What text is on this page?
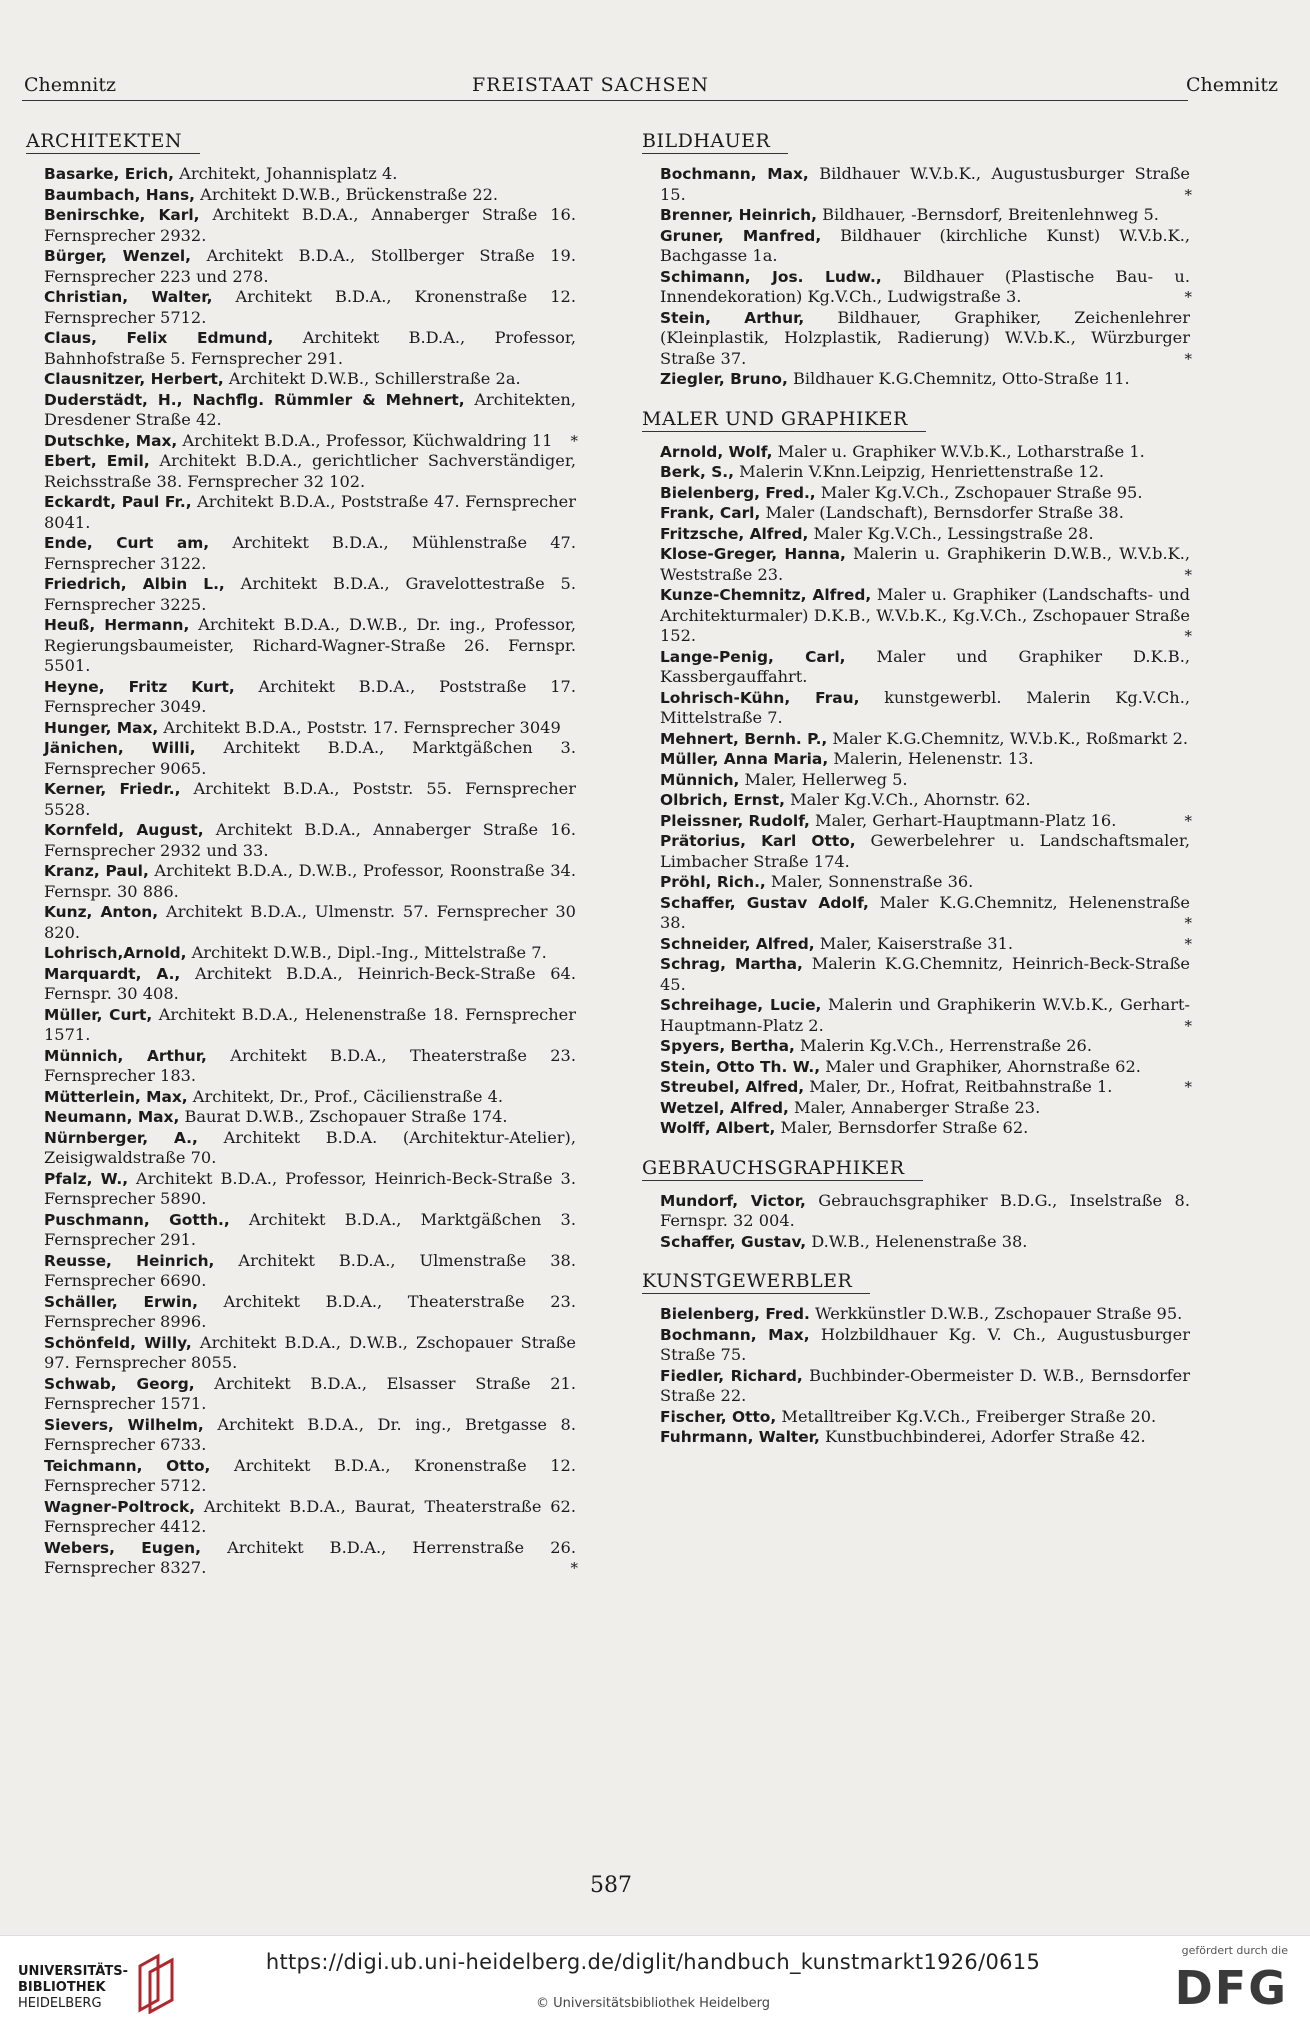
Chemnitz	FREISTAAT SACHSEN	Chemnitz
ARCHITEKTEN

Basarke, Erich, Architekt, Johannisplatz 4.

Baumbach, Hans, Architekt D.W.B., Brückenstraße 22.

Benirschke, Karl, Architekt B.D.A., Annaberger Straße 16. Fernsprecher 2932.

Bürger, Wenzel, Architekt B.D.A., Stollberger Straße 19. Fernsprecher 223 und 278.

Christian, Walter, Architekt B.D.A., Kronenstraße 12. Fernsprecher 5712.

Claus, Felix Edmund, Architekt B.D.A., Professor, Bahnhofstraße 5. Fernsprecher 291.

Clausnitzer, Herbert, Architekt D.W.B., Schillerstraße 2a.

Duderstädt, H., Nachflg. Rümmler & Mehnert, Architekten, Dresdener Straße 42.

Dutschke, Max, Architekt B.D.A., Professor, Küchwaldring 11 *

Ebert, Emil, Architekt B.D.A., gerichtlicher Sachverständiger, Reichsstraße 38. Fernsprecher 32 102.

Eckardt, Paul Fr., Architekt B.D.A., Poststraße 47. Fernsprecher 8041.

Ende, Curt am, Architekt B.D.A., Mühlenstraße 47. Fernsprecher 3122.

Friedrich, Albin L., Architekt B.D.A., Gravelottestraße 5. Fernsprecher 3225.

Heuß, Hermann, Architekt B.D.A., D.W.B., Dr. ing., Professor, Regierungsbaumeister, Richard-Wagner-Straße 26. Fernspr. 5501.

Heyne, Fritz Kurt, Architekt B.D.A., Poststraße 17. Fernsprecher 3049.

Hunger, Max, Architekt B.D.A., Poststr. 17. Fernsprecher 3049

Jänichen, Willi, Architekt B.D.A., Marktgäßchen 3. Fernsprecher 9065.

Kerner, Friedr., Architekt B.D.A., Poststr. 55. Fernsprecher 5528.

Kornfeld, August, Architekt B.D.A., Annaberger Straße 16. Fernsprecher 2932 und 33.

Kranz, Paul, Architekt B.D.A., D.W.B., Professor, Roonstraße 34. Fernspr. 30 886.

Kunz, Anton, Architekt B.D.A., Ulmenstr. 57. Fernsprecher 30 820.

Lohrisch,Arnold, Architekt D.W.B., Dipl.-Ing., Mittelstraße 7.

Marquardt, A., Architekt B.D.A., Heinrich-Beck-Straße 64. Fernspr. 30 408.

Müller, Curt, Architekt B.D.A., Helenenstraße 18. Fernsprecher 1571.

Münnich, Arthur, Architekt B.D.A., Theaterstraße 23. Fernsprecher 183.

Mütterlein, Max, Architekt, Dr., Prof., Cäcilienstraße 4.

Neumann, Max, Baurat D.W.B., Zschopauer Straße 174.

Nürnberger, A., Architekt B.D.A. (Architektur-Atelier), Zeisigwaldstraße 70.

Pfalz, W., Architekt B.D.A., Professor, Heinrich-Beck-Straße 3. Fernsprecher 5890.

Puschmann, Gotth., Architekt B.D.A., Marktgäßchen 3. Fernsprecher 291.

Reusse, Heinrich, Architekt B.D.A., Ulmenstraße 38. Fernsprecher 6690.

Schäller, Erwin, Architekt B.D.A., Theaterstraße 23. Fernsprecher 8996.

Schönfeld, Willy, Architekt B.D.A., D.W.B., Zschopauer Straße 97. Fernsprecher 8055.

Schwab, Georg, Architekt B.D.A., Elsasser Straße 21. Fernsprecher 1571.

Sievers, Wilhelm, Architekt B.D.A., Dr. ing., Bretgasse 8. Fernsprecher 6733.

Teichmann, Otto, Architekt B.D.A., Kronenstraße 12. Fernsprecher 5712.

Wagner-Poltrock, Architekt B.D.A., Baurat, Theaterstraße 62. Fernsprecher 4412.

Webers, Eugen, Architekt B.D.A., Herrenstraße 26. Fernsprecher 8327.	*

BILDHAUER

Bochmann, Max, Bildhauer W.V.b.K., Augustusburger Straße 15.	*

Brenner, Heinrich, Bildhauer, -Bernsdorf, Breitenlehnweg 5.

Gruner, Manfred, Bildhauer (kirchliche Kunst) W.V.b.K., Bachgasse 1a.

Schimann, Jos. Ludw., Bildhauer (Plastische Bau- u. Innendekoration) Kg.V.Ch., Ludwigstraße 3.	*

Stein, Arthur, Bildhauer, Graphiker, Zeichenlehrer (Kleinplastik, Holzplastik, Radierung) W.V.b.K., Würzburger Straße 37.	*

Ziegler, Bruno, Bildhauer K.G.Chemnitz, Otto-Straße 11.

MALER UND GRAPHIKER

Arnold, Wolf, Maler u. Graphiker W.V.b.K., Lotharstraße 1.

Berk, S., Malerin V.Knn.Leipzig, Henriettenstraße 12.

Bielenberg, Fred., Maler Kg.V.Ch., Zschopauer Straße 95.

Frank, Carl, Maler (Landschaft), Bernsdorfer Straße 38.

Fritzsche, Alfred, Maler Kg.V.Ch., Lessingstraße 28.

Klose-Greger, Hanna, Malerin u. Graphikerin D.W.B., W.V.b.K., Weststraße 23.	*

Kunze-Chemnitz, Alfred, Maler u. Graphiker (Landschafts- und Architekturmaler) D.K.B., W.V.b.K., Kg.V.Ch., Zschopauer Straße 152.	*

Lange-Penig, Carl, Maler und Graphiker D.K.B., Kassbergauffahrt.

Lohrisch-Kühn, Frau, kunstgewerbl. Malerin Kg.V.Ch., Mittelstraße 7.

Mehnert, Bernh. P., Maler K.G.Chemnitz, W.V.b.K., Roßmarkt 2.

Müller, Anna Maria, Malerin, Helenenstr. 13.

Münnich, Maler, Hellerweg 5.

Olbrich, Ernst, Maler Kg.V.Ch., Ahornstr. 62.

Pleissner, Rudolf, Maler, Gerhart-Hauptmann-Platz 16.	*

Prätorius, Karl Otto, Gewerbelehrer u. Landschaftsmaler, Limbacher Straße 174.

Pröhl, Rich., Maler, Sonnenstraße 36.

Schaffer, Gustav Adolf, Maler K.G.Chemnitz, Helenenstraße 38.	*

Schneider, Alfred, Maler, Kaiserstraße 31.	*

Schrag, Martha, Malerin K.G.Chemnitz, Heinrich-Beck-Straße 45.

Schreihage, Lucie, Malerin und Graphikerin W.V.b.K., Gerhart-Hauptmann-Platz 2.	*

Spyers, Bertha, Malerin Kg.V.Ch., Herrenstraße 26.

Stein, Otto Th. W., Maler und Graphiker, Ahornstraße 62.

Streubel, Alfred, Maler, Dr., Hofrat, Reitbahnstraße 1.	*

Wetzel, Alfred, Maler, Annaberger Straße 23.

Wolff, Albert, Maler, Bernsdorfer Straße 62.

GEBRAUCHSGRAPHIKER

Mundorf, Victor, Gebrauchsgraphiker B.D.G., Inselstraße 8. Fernspr. 32 004.

Schaffer, Gustav, D.W.B., Helenenstraße 38.

KUNSTGEWERBLER

Bielenberg, Fred. Werkkünstler D.W.B., Zschopauer Straße 95.

Bochmann, Max, Holzbildhauer Kg. V. Ch., Augustusburger Straße 75.

Fiedler, Richard, Buchbinder-Obermeister D. W.B., Bernsdorfer Straße 22.

Fischer, Otto, Metalltreiber Kg.V.Ch., Freiberger Straße 20.

Fuhrmann, Walter, Kunstbuchbinderei, Adorfer Straße 42.

587
UNIVERSITÄTS-
BIBLIOTHEK
HEIDELBERG
https://digi.ub.uni-heidelberg.de/diglit/handbuch_kunstmarkt1926/0615
© Universitätsbibliothek Heidelberg
gefördert durch die
DFG
